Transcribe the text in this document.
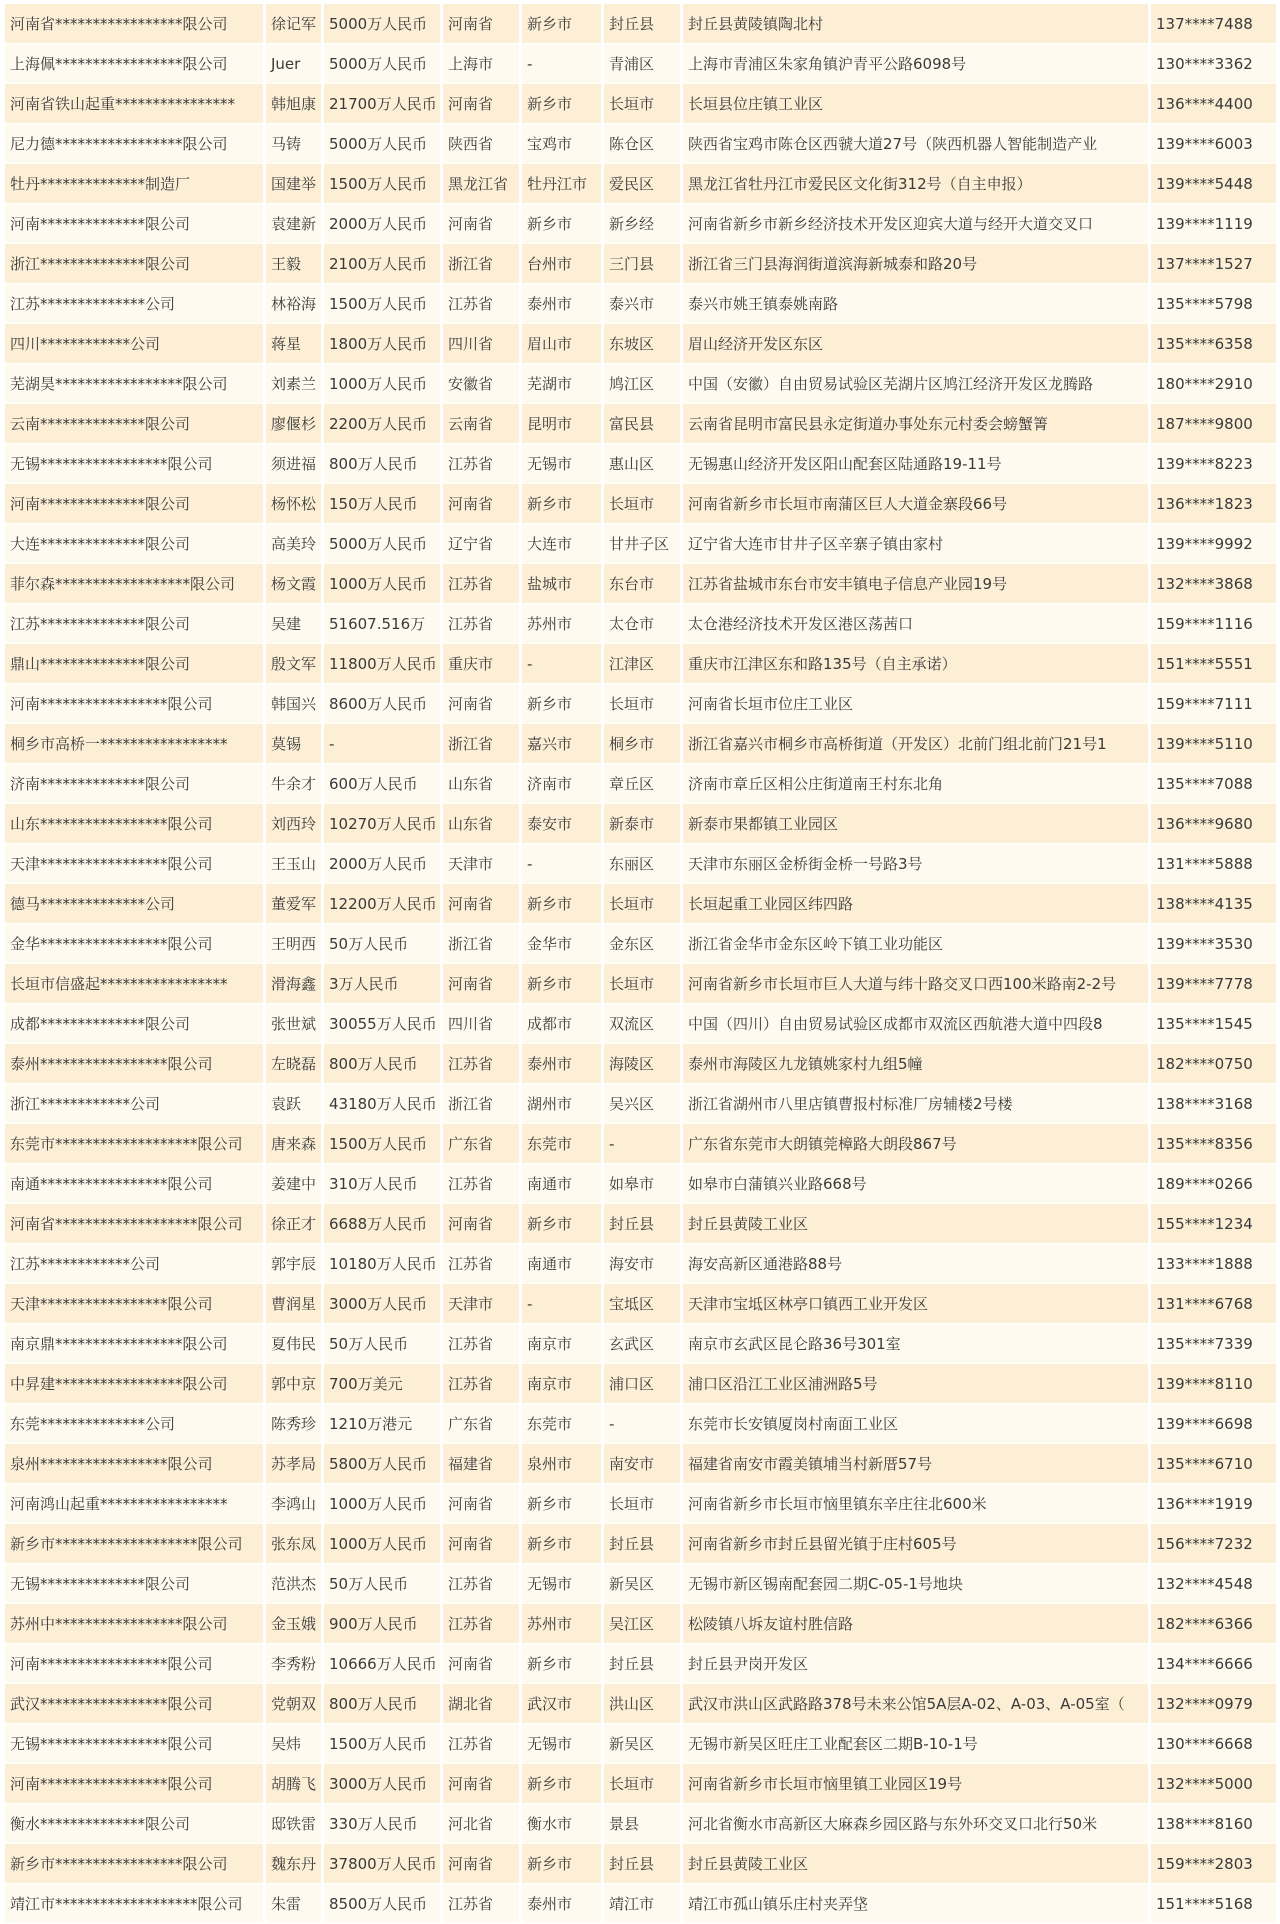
河南省*****************限公司	徐记军 5000万人民币	河南省	新乡市	封丘县	封丘县黄陵镇陶北村	137****7488
上海佩*****************限公司	Juer	5000万人民币	上海市	-	青浦区	上海市青浦区朱家角镇沪青平公路6098号	130****3362
河南省铁山起重****************	韩旭康 21700万人民币 河南省	新乡市	长垣市	长垣县位庄镇工业区	136****4400
尼力德*****************限公司	马铸	5000万人民币	陕西省	宝鸡市	陈仓区	陕西省宝鸡市陈仓区西虢大道27号（陕西机器人智能制造产业	139****6003
牡丹**************制造厂	国建举 1500万人民币	黑龙江省	牡丹江市	爱民区	黑龙江省牡丹江市爱民区文化街312号（自主申报）	139****5448
河南**************限公司	袁建新 2000万人民币	河南省	新乡市	新乡经	河南省新乡市新乡经济技术开发区迎宾大道与经开大道交叉口	139****1119
浙江**************限公司	王毅	2100万人民币	浙江省	台州市	三门县	浙江省三门县海润街道滨海新城泰和路20号	137****1527
江苏**************公司	林裕海 1500万人民币	江苏省	泰州市	泰兴市	泰兴市姚王镇泰姚南路	135****5798
四川************公司	蒋星	1800万人民币	四川省	眉山市	东坡区	眉山经济开发区东区	135****6358
芜湖昊*****************限公司	刘素兰 1000万人民币	安徽省	芜湖市	鸠江区	中国（安徽）自由贸易试验区芜湖片区鸠江经济开发区龙腾路	180****2910
云南**************限公司	廖偃杉 2200万人民币	云南省	昆明市	富民县	云南省昆明市富民县永定街道办事处东元村委会螃蟹箐	187****9800
无锡*****************限公司	须进福 800万人民币	江苏省	无锡市	惠山区	无锡惠山经济开发区阳山配套区陆通路19-11号	139****8223
河南**************限公司	杨怀松 150万人民币	河南省	新乡市	长垣市	河南省新乡市长垣市南蒲区巨人大道金寨段66号	136****1823
大连**************限公司	高美玲 5000万人民币	辽宁省	大连市	甘井子区	辽宁省大连市甘井子区辛寨子镇由家村	139****9992
菲尔森******************限公司	杨文霞 1000万人民币	江苏省	盐城市	东台市	江苏省盐城市东台市安丰镇电子信息产业园19号	132****3868
江苏**************限公司	吴建	51607.516万	江苏省	苏州市	太仓市	太仓港经济技术开发区港区荡茜口	159****1116
鼎山**************限公司	殷文军 11800万人民币 重庆市	-	江津区	重庆市江津区东和路135号（自主承诺）	151****5551
河南*****************限公司	韩国兴 8600万人民币	河南省	新乡市	长垣市	河南省长垣市位庄工业区	159****7111
桐乡市高桥一*****************	莫锡	-	浙江省	嘉兴市	桐乡市	浙江省嘉兴市桐乡市高桥街道（开发区）北前门组北前门21号1	139****5110
济南**************限公司	牛余才 600万人民币	山东省	济南市	章丘区	济南市章丘区相公庄街道南王村东北角	135****7088
山东*****************限公司	刘西玲 10270万人民币 山东省	泰安市	新泰市	新泰市果都镇工业园区	136****9680
天津*****************限公司	王玉山 2000万人民币	天津市	-	东丽区	天津市东丽区金桥街金桥一号路3号	131****5888
德马**************公司	董爱军 12200万人民币 河南省	新乡市	长垣市	长垣起重工业园区纬四路	138****4135
金华*****************限公司	王明西 50万人民币	浙江省	金华市	金东区	浙江省金华市金东区岭下镇工业功能区	139****3530
长垣市信盛起*****************	滑海鑫 3万人民币	河南省	新乡市	长垣市	河南省新乡市长垣市巨人大道与纬十路交叉口西100米路南2-2号	139****7778
成都**************限公司	张世斌 30055万人民币 四川省	成都市	双流区	中国（四川）自由贸易试验区成都市双流区西航港大道中四段8	135****1545
泰州*****************限公司	左晓磊 800万人民币	江苏省	泰州市	海陵区	泰州市海陵区九龙镇姚家村九组5幢	182****0750
浙江************公司	袁跃	43180万人民币 浙江省	湖州市	吴兴区	浙江省湖州市八里店镇曹报村标准厂房辅楼2号楼	138****3168
东莞市*******************限公司	唐来森 1500万人民币	广东省	东莞市	-	广东省东莞市大朗镇莞樟路大朗段867号	135****8356
南通*****************限公司	姜建中 310万人民币	江苏省	南通市	如皋市	如皋市白蒲镇兴业路668号	189****0266
河南省*******************限公司	徐正才 6688万人民币	河南省	新乡市	封丘县	封丘县黄陵工业区	155****1234
江苏************公司	郭宇辰 10180万人民币 江苏省	南通市	海安市	海安高新区通港路88号	133****1888
天津*****************限公司	曹润星 3000万人民币	天津市	-	宝坻区	天津市宝坻区林亭口镇西工业开发区	131****6768
南京鼎*****************限公司	夏伟民 50万人民币	江苏省	南京市	玄武区	南京市玄武区昆仑路36号301室	135****7339
中昇建*****************限公司	郭中京 700万美元	江苏省	南京市	浦口区	浦口区沿江工业区浦洲路5号	139****8110
东莞**************公司	陈秀珍 1210万港元	广东省	东莞市	-	东莞市长安镇厦岗村南面工业区	139****6698
泉州*****************限公司	苏孝局 5800万人民币	福建省	泉州市	南安市	福建省南安市霞美镇埔当村新厝57号	135****6710
河南鸿山起重*****************	李鸿山 1000万人民币	河南省	新乡市	长垣市	河南省新乡市长垣市恼里镇东辛庄往北600米	136****1919
新乡市*******************限公司	张东凤 1000万人民币	河南省	新乡市	封丘县	河南省新乡市封丘县留光镇于庄村605号	156****7232
无锡**************限公司	范洪杰 50万人民币	江苏省	无锡市	新吴区	无锡市新区锡南配套园二期C-05-1号地块	132****4548
苏州中*****************限公司	金玉娥 900万人民币	江苏省	苏州市	吴江区	松陵镇八坼友谊村胜信路	182****6366
河南*****************限公司	李秀粉 10666万人民币 河南省	新乡市	封丘县	封丘县尹岗开发区	134****6666
武汉*****************限公司	党朝双 800万人民币	湖北省	武汉市	洪山区	武汉市洪山区武路路378号未来公馆5A层A-02、A-03、A-05室（	132****0979
无锡*****************限公司	吴炜	1500万人民币	江苏省	无锡市	新吴区	无锡市新吴区旺庄工业配套区二期B-10-1号	130****6668
河南*****************限公司	胡腾飞 3000万人民币	河南省	新乡市	长垣市	河南省新乡市长垣市恼里镇工业园区19号	132****5000
衡水**************限公司	邸铁雷 330万人民币	河北省	衡水市	景县	河北省衡水市高新区大麻森乡园区路与东外环交叉口北行50米	138****8160
新乡市*****************限公司	魏东丹 37800万人民币 河南省	新乡市	封丘县	封丘县黄陵工业区	159****2803
靖江市*******************限公司	朱雷	8500万人民币	江苏省	泰州市	靖江市	靖江市孤山镇乐庄村夹弄垡	151****5168
